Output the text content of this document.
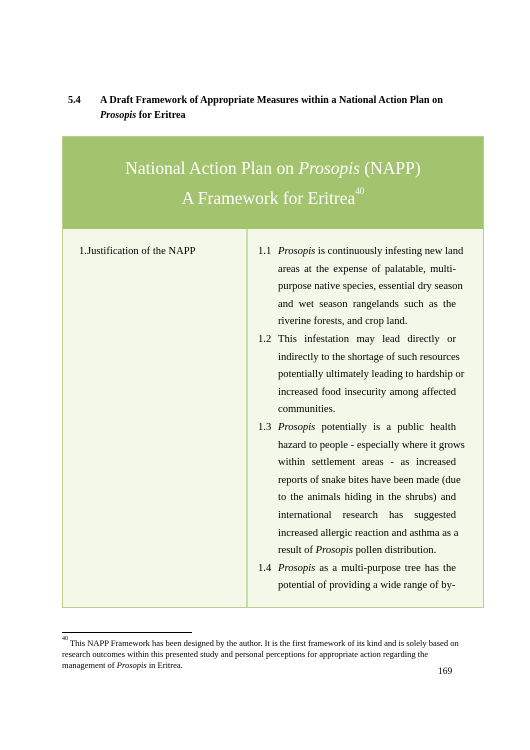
5.4 A Draft Framework of Appropriate Measures within a National Action Plan on
Prosopis for Eritrea
National Action Plan on Prosopis (NAPP)
A Framework for Eritrea$^{40}$
1.Justification of the NAPP	1.1 Prosopis is continuously infesting new land
areas at the expense of palatable, multi-
purpose native species, essential dry season
and wet season rangelands such as the
riverine forests, and crop land.
1.2 This infestation may lead directly or
indirectly to the shortage of such resources
potentially ultimately leading to hardship or
increased food insecurity among affected
communities.
1.3 Prosopis potentially is a public health
hazard to people - especially where it grows
within settlement areas - as increased
reports of snake bites have been made (due
to the animals hiding in the shrubs) and
international research has suggested
increased allergic reaction and asthma as a
result of Prosopis pollen distribution.
1.4 Prosopis as a multi-purpose tree has the
potential of providing a wide range of by-
$^{40}$ This NAPP Framework has been designed by the author. It is the first framework of its kind and is solely based on research outcomes within this presented study and personal perceptions for appropriate action regarding the management of Prosopis in Eritrea.
169
